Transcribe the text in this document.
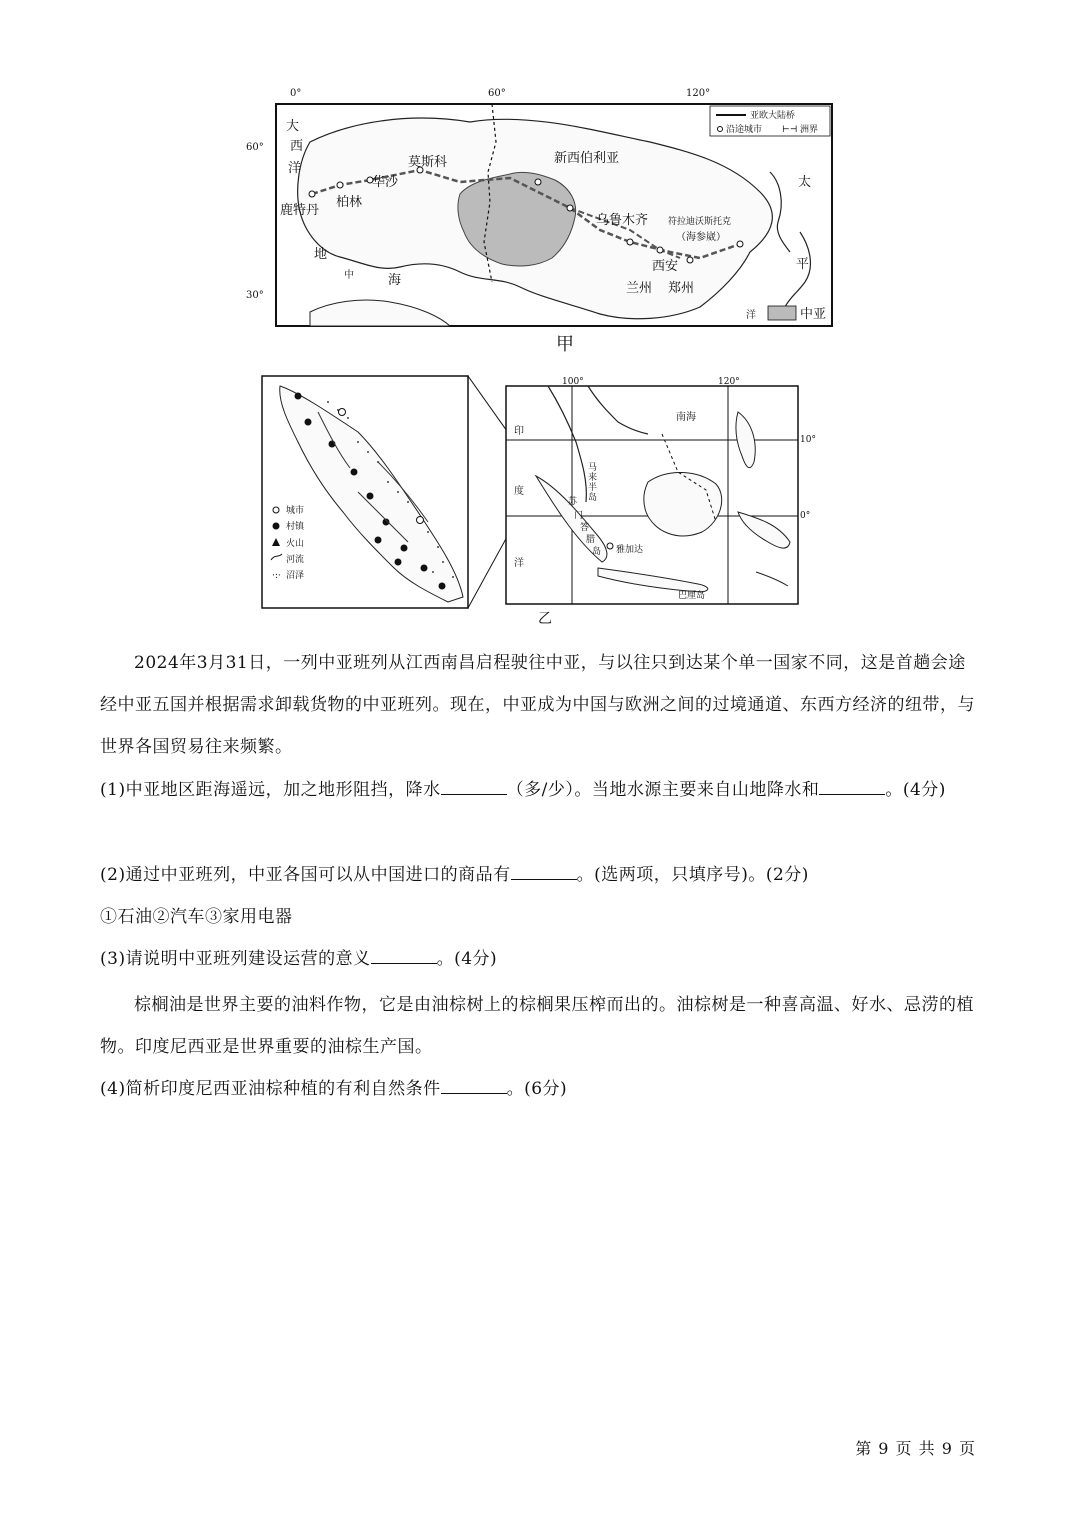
0°	60°	120°
60°
30°
亚欧大陆桥
沿途城市 ⊢⊣ 洲界
中亚
大
西
洋
太
平
洋
地
中	海
鹿特丹
柏林
华沙
莫斯科	新西伯利亚
乌鲁木齐 符拉迪沃斯托克
（海参崴）
西安
兰州 郑州
甲
城市
村镇
火山
河流
·:· 沼泽
100°	120°
10°
0°
南海
印
度
洋
马
来
半
岛
苏
门
答
腊
岛 雅加达
巴厘岛
乙
2024年3月31日，一列中亚班列从江西南昌启程驶往中亚，与以往只到达某个单一国家不同，这是首趟会途经中亚五国并根据需求卸载货物的中亚班列。现在，中亚成为中国与欧洲之间的过境通道、东西方经济的纽带，与世界各国贸易往来频繁。
(1)中亚地区距海遥远，加之地形阻挡，降水	（多/少）。当地水源主要来自山地降水和	。(4分)
(2)通过中亚班列，中亚各国可以从中国进口的商品有	。(选两项，只填序号)。(2分)
①石油②汽车③家用电器
(3)请说明中亚班列建设运营的意义	。(4分)
棕榈油是世界主要的油料作物，它是由油棕树上的棕榈果压榨而出的。油棕树是一种喜高温、好水、忌涝的植物。印度尼西亚是世界重要的油棕生产国。
(4)简析印度尼西亚油棕种植的有利自然条件	。(6分)
第 9 页 共 9 页
